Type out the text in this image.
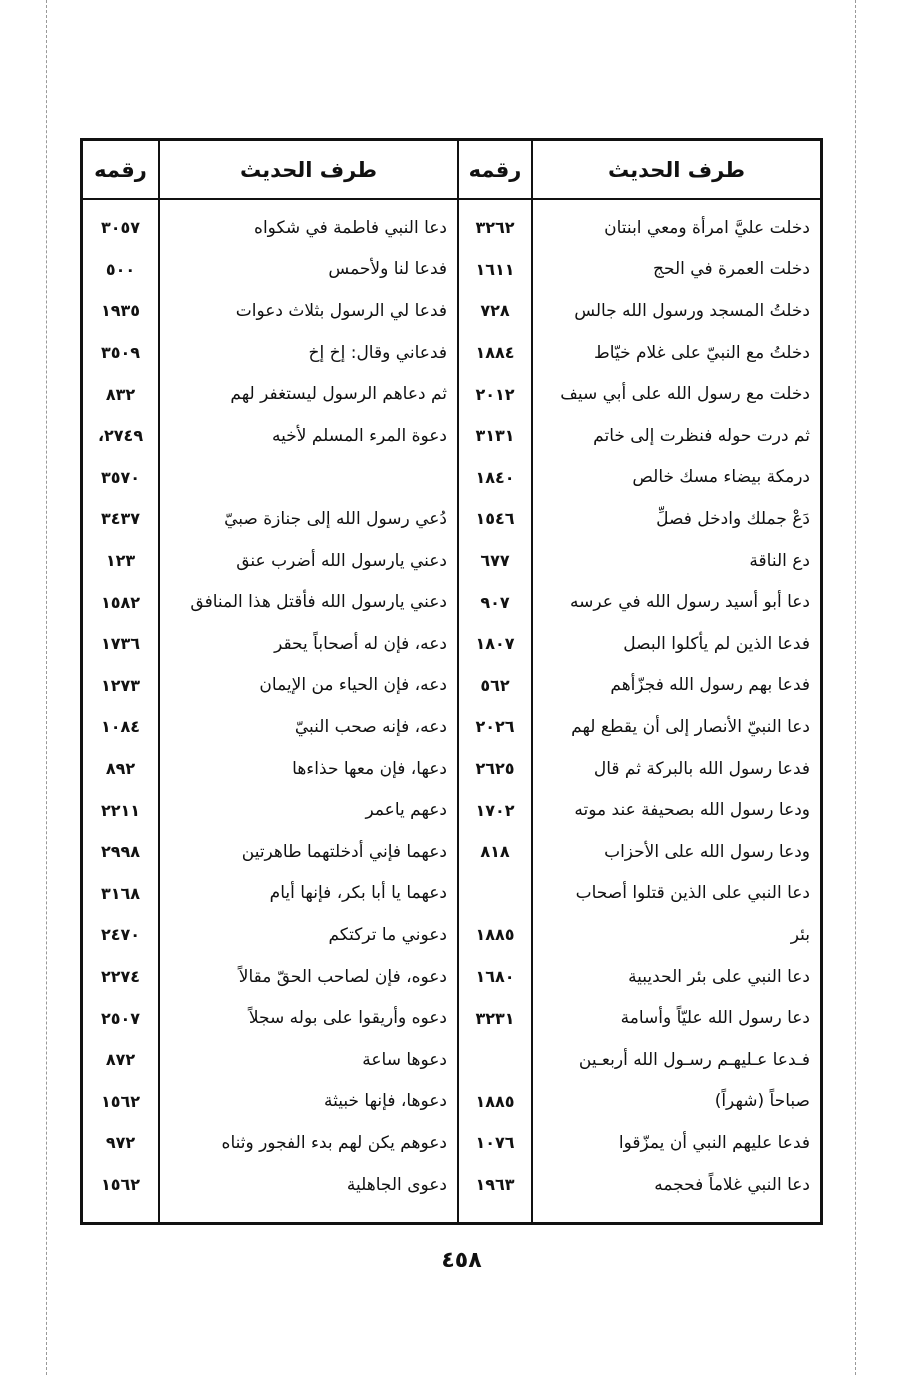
طرف الحديث
رقمه
طرف الحديث
رقمه
دخلت عليَّ امرأة ومعي ابنتان
٣٢٦٢
دعا النبي فاطمة في شكواه
٣٠٥٧
دخلت العمرة في الحج
١٦١١
فدعا لنا ولأحمس
٥٠٠
دخلتُ المسجد ورسول الله جالس
٧٢٨
فدعا لي الرسول بثلاث دعوات
١٩٣٥
دخلتُ مع النبيّ على غلام خيّاط
١٨٨٤
فدعاني وقال: إخ إخ
٣٥٠٩
دخلت مع رسول الله على أبي سيف
٢٠١٢
ثم دعاهم الرسول ليستغفر لهم
٨٣٢
ثم درت حوله فنظرت إلى خاتم
٣١٣١
دعوة المرء المسلم لأخيه
٢٧٤٩،
درمكة بيضاء مسك خالص
١٨٤٠
٣٥٧٠
دَعْ جملك وادخل فصلِّ
١٥٤٦
دُعي رسول الله إلى جنازة صبيّ
٣٤٣٧
دع الناقة
٦٧٧
دعني يارسول الله أضرب عنق
١٢٣
دعا أبو أسيد رسول الله في عرسه
٩٠٧
دعني يارسول الله فأقتل هذا المنافق
١٥٨٢
فدعا الذين لم يأكلوا البصل
١٨٠٧
دعه، فإن له أصحاباً يحقر
١٧٣٦
فدعا بهم رسول الله فجزّأهم
٥٦٢
دعه، فإن الحياء من الإيمان
١٢٧٣
دعا النبيّ الأنصار إلى أن يقطع لهم
٢٠٢٦
دعه، فإنه صحب النبيّ
١٠٨٤
فدعا رسول الله بالبركة ثم قال
٢٦٢٥
دعها، فإن معها حذاءها
٨٩٢
ودعا رسول الله بصحيفة عند موته
١٧٠٢
دعهم ياعمر
٢٢١١
ودعا رسول الله على الأحزاب
٨١٨
دعهما فإني أدخلتهما طاهرتين
٢٩٩٨
دعا النبي على الذين قتلوا أصحاب
دعهما يا أبا بكر، فإنها أيام
٣١٦٨
بئر
١٨٨٥
دعوني ما تركتكم
٢٤٧٠
دعا النبي على بئر الحديبية
١٦٨٠
دعوه، فإن لصاحب الحقّ مقالاً
٢٢٧٤
دعا رسول الله عليّاً وأسامة
٣٢٣١
دعوه وأريقوا على بوله سجلاً
٢٥٠٧
فـدعا عـليهـم رسـول الله أربعـين
دعوها ساعة
٨٧٢
صباحاً (شهراً)
١٨٨٥
دعوها، فإنها خبيثة
١٥٦٢
فدعا عليهم النبي أن يمزّقوا
١٠٧٦
دعوهم يكن لهم بدء الفجور وثناه
٩٧٢
دعا النبي غلاماً فحجمه
١٩٦٣
دعوى الجاهلية
١٥٦٢
٤٥٨
